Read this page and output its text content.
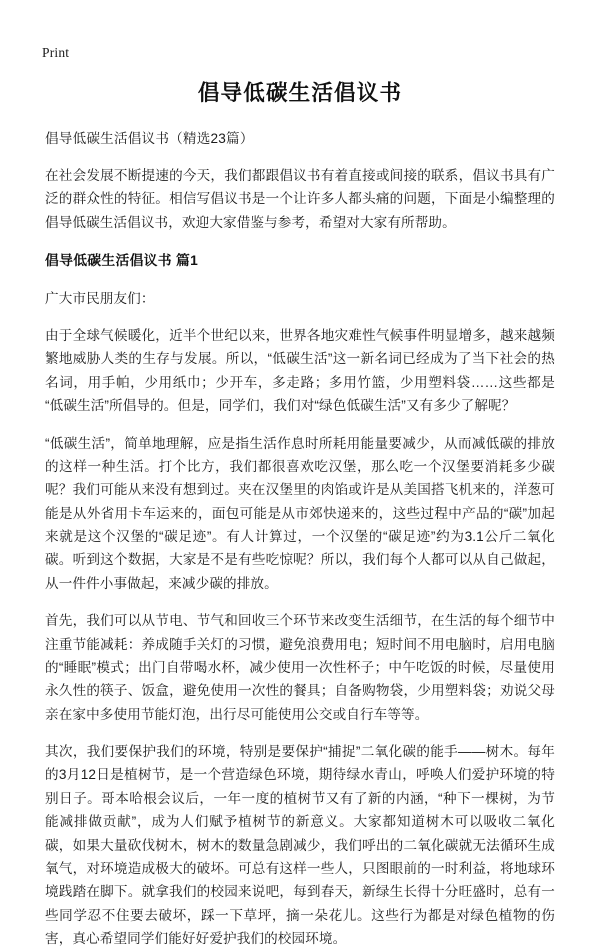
Print
倡导低碳生活倡议书

倡导低碳生活倡议书（精选23篇）

在社会发展不断提速的今天，我们都跟倡议书有着直接或间接的联系，倡议书具有广泛的群众性的特征。相信写倡议书是一个让许多人都头痛的问题，下面是小编整理的倡导低碳生活倡议书，欢迎大家借鉴与参考，希望对大家有所帮助。

倡导低碳生活倡议书 篇1

广大市民朋友们：

由于全球气候暖化，近半个世纪以来，世界各地灾难性气候事件明显增多，越来越频繁地威胁人类的生存与发展。所以，“低碳生活”这一新名词已经成为了当下社会的热名词，用手帕，少用纸巾；少开车，多走路；多用竹篮，少用塑料袋……这些都是“低碳生活”所倡导的。但是，同学们，我们对“绿色低碳生活”又有多少了解呢？

“低碳生活”，简单地理解，应是指生活作息时所耗用能量要减少，从而减低碳的排放的这样一种生活。打个比方，我们都很喜欢吃汉堡，那么吃一个汉堡要消耗多少碳呢？我们可能从来没有想到过。夹在汉堡里的肉馅或许是从美国搭飞机来的，洋葱可能是从外省用卡车运来的，面包可能是从市郊快递来的，这些过程中产品的“碳”加起来就是这个汉堡的“碳足迹”。有人计算过，一个汉堡的“碳足迹”约为3.1公斤二氧化碳。听到这个数据，大家是不是有些吃惊呢？所以，我们每个人都可以从自己做起，从一件件小事做起，来减少碳的排放。

首先，我们可以从节电、节气和回收三个环节来改变生活细节，在生活的每个细节中注重节能减耗：养成随手关灯的习惯，避免浪费用电；短时间不用电脑时，启用电脑的“睡眠”模式；出门自带喝水杯，减少使用一次性杯子；中午吃饭的时候，尽量使用永久性的筷子、饭盒，避免使用一次性的餐具；自备购物袋，少用塑料袋；劝说父母亲在家中多使用节能灯泡，出行尽可能使用公交或自行车等等。

其次，我们要保护我们的环境，特别是要保护“捕捉”二氧化碳的能手——树木。每年的3月12日是植树节，是一个营造绿色环境，期待绿水青山，呼唤人们爱护环境的特别日子。哥本哈根会议后，一年一度的植树节又有了新的内涵，“种下一棵树，为节能减排做贡献”，成为人们赋予植树节的新意义。大家都知道树木可以吸收二氧化碳，如果大量砍伐树木，树木的数量急剧减少，我们呼出的二氧化碳就无法循环生成氧气，对环境造成极大的破坏。可总有这样一些人，只图眼前的一时利益，将地球环境践踏在脚下。就拿我们的校园来说吧，每到春天，新绿生长得十分旺盛时，总有一些同学忍不住要去破坏，踩一下草坪，摘一朵花儿。这些行为都是对绿色植物的伤害，真心希望同学们能好好爱护我们的校园环境。
